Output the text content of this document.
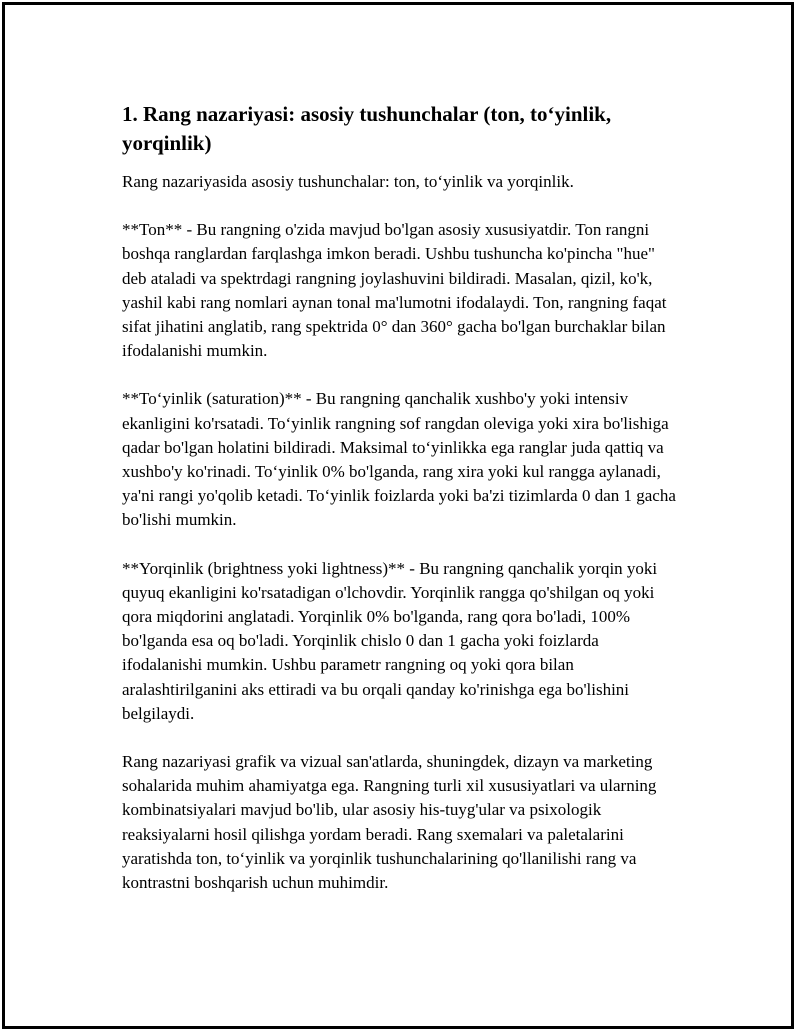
1. Rang nazariyasi: asosiy tushunchalar (ton, to‘yinlik, yorqinlik)

Rang nazariyasida asosiy tushunchalar: ton, to‘yinlik va yorqinlik.

**Ton** - Bu rangning o'zida mavjud bo'lgan asosiy xususiyatdir. Ton rangni boshqa ranglardan farqlashga imkon beradi. Ushbu tushuncha ko'pincha "hue" deb ataladi va spektrdagi rangning joylashuvini bildiradi. Masalan, qizil, ko'k, yashil kabi rang nomlari aynan tonal ma'lumotni ifodalaydi. Ton, rangning faqat sifat jihatini anglatib, rang spektrida 0° dan 360° gacha bo'lgan burchaklar bilan ifodalanishi mumkin.

**To‘yinlik (saturation)** - Bu rangning qanchalik xushbo'y yoki intensiv ekanligini ko'rsatadi. To‘yinlik rangning sof rangdan oleviga yoki xira bo'lishiga qadar bo'lgan holatini bildiradi. Maksimal to‘yinlikka ega ranglar juda qattiq va xushbo'y ko'rinadi. To‘yinlik 0% bo'lganda, rang xira yoki kul rangga aylanadi, ya'ni rangi yo'qolib ketadi. To‘yinlik foizlarda yoki ba'zi tizimlarda 0 dan 1 gacha bo'lishi mumkin.

**Yorqinlik (brightness yoki lightness)** - Bu rangning qanchalik yorqin yoki quyuq ekanligini ko'rsatadigan o'lchovdir. Yorqinlik rangga qo'shilgan oq yoki qora miqdorini anglatadi. Yorqinlik 0% bo'lganda, rang qora bo'ladi, 100% bo'lganda esa oq bo'ladi. Yorqinlik chislo 0 dan 1 gacha yoki foizlarda ifodalanishi mumkin. Ushbu parametr rangning oq yoki qora bilan aralashtirilganini aks ettiradi va bu orqali qanday ko'rinishga ega bo'lishini belgilaydi.

Rang nazariyasi grafik va vizual san'atlarda, shuningdek, dizayn va marketing sohalarida muhim ahamiyatga ega. Rangning turli xil xususiyatlari va ularning kombinatsiyalari mavjud bo'lib, ular asosiy his-tuyg'ular va psixologik reaksiyalarni hosil qilishga yordam beradi. Rang sxemalari va paletalarini yaratishda ton, to‘yinlik va yorqinlik tushunchalarining qo'llanilishi rang va kontrastni boshqarish uchun muhimdir.
